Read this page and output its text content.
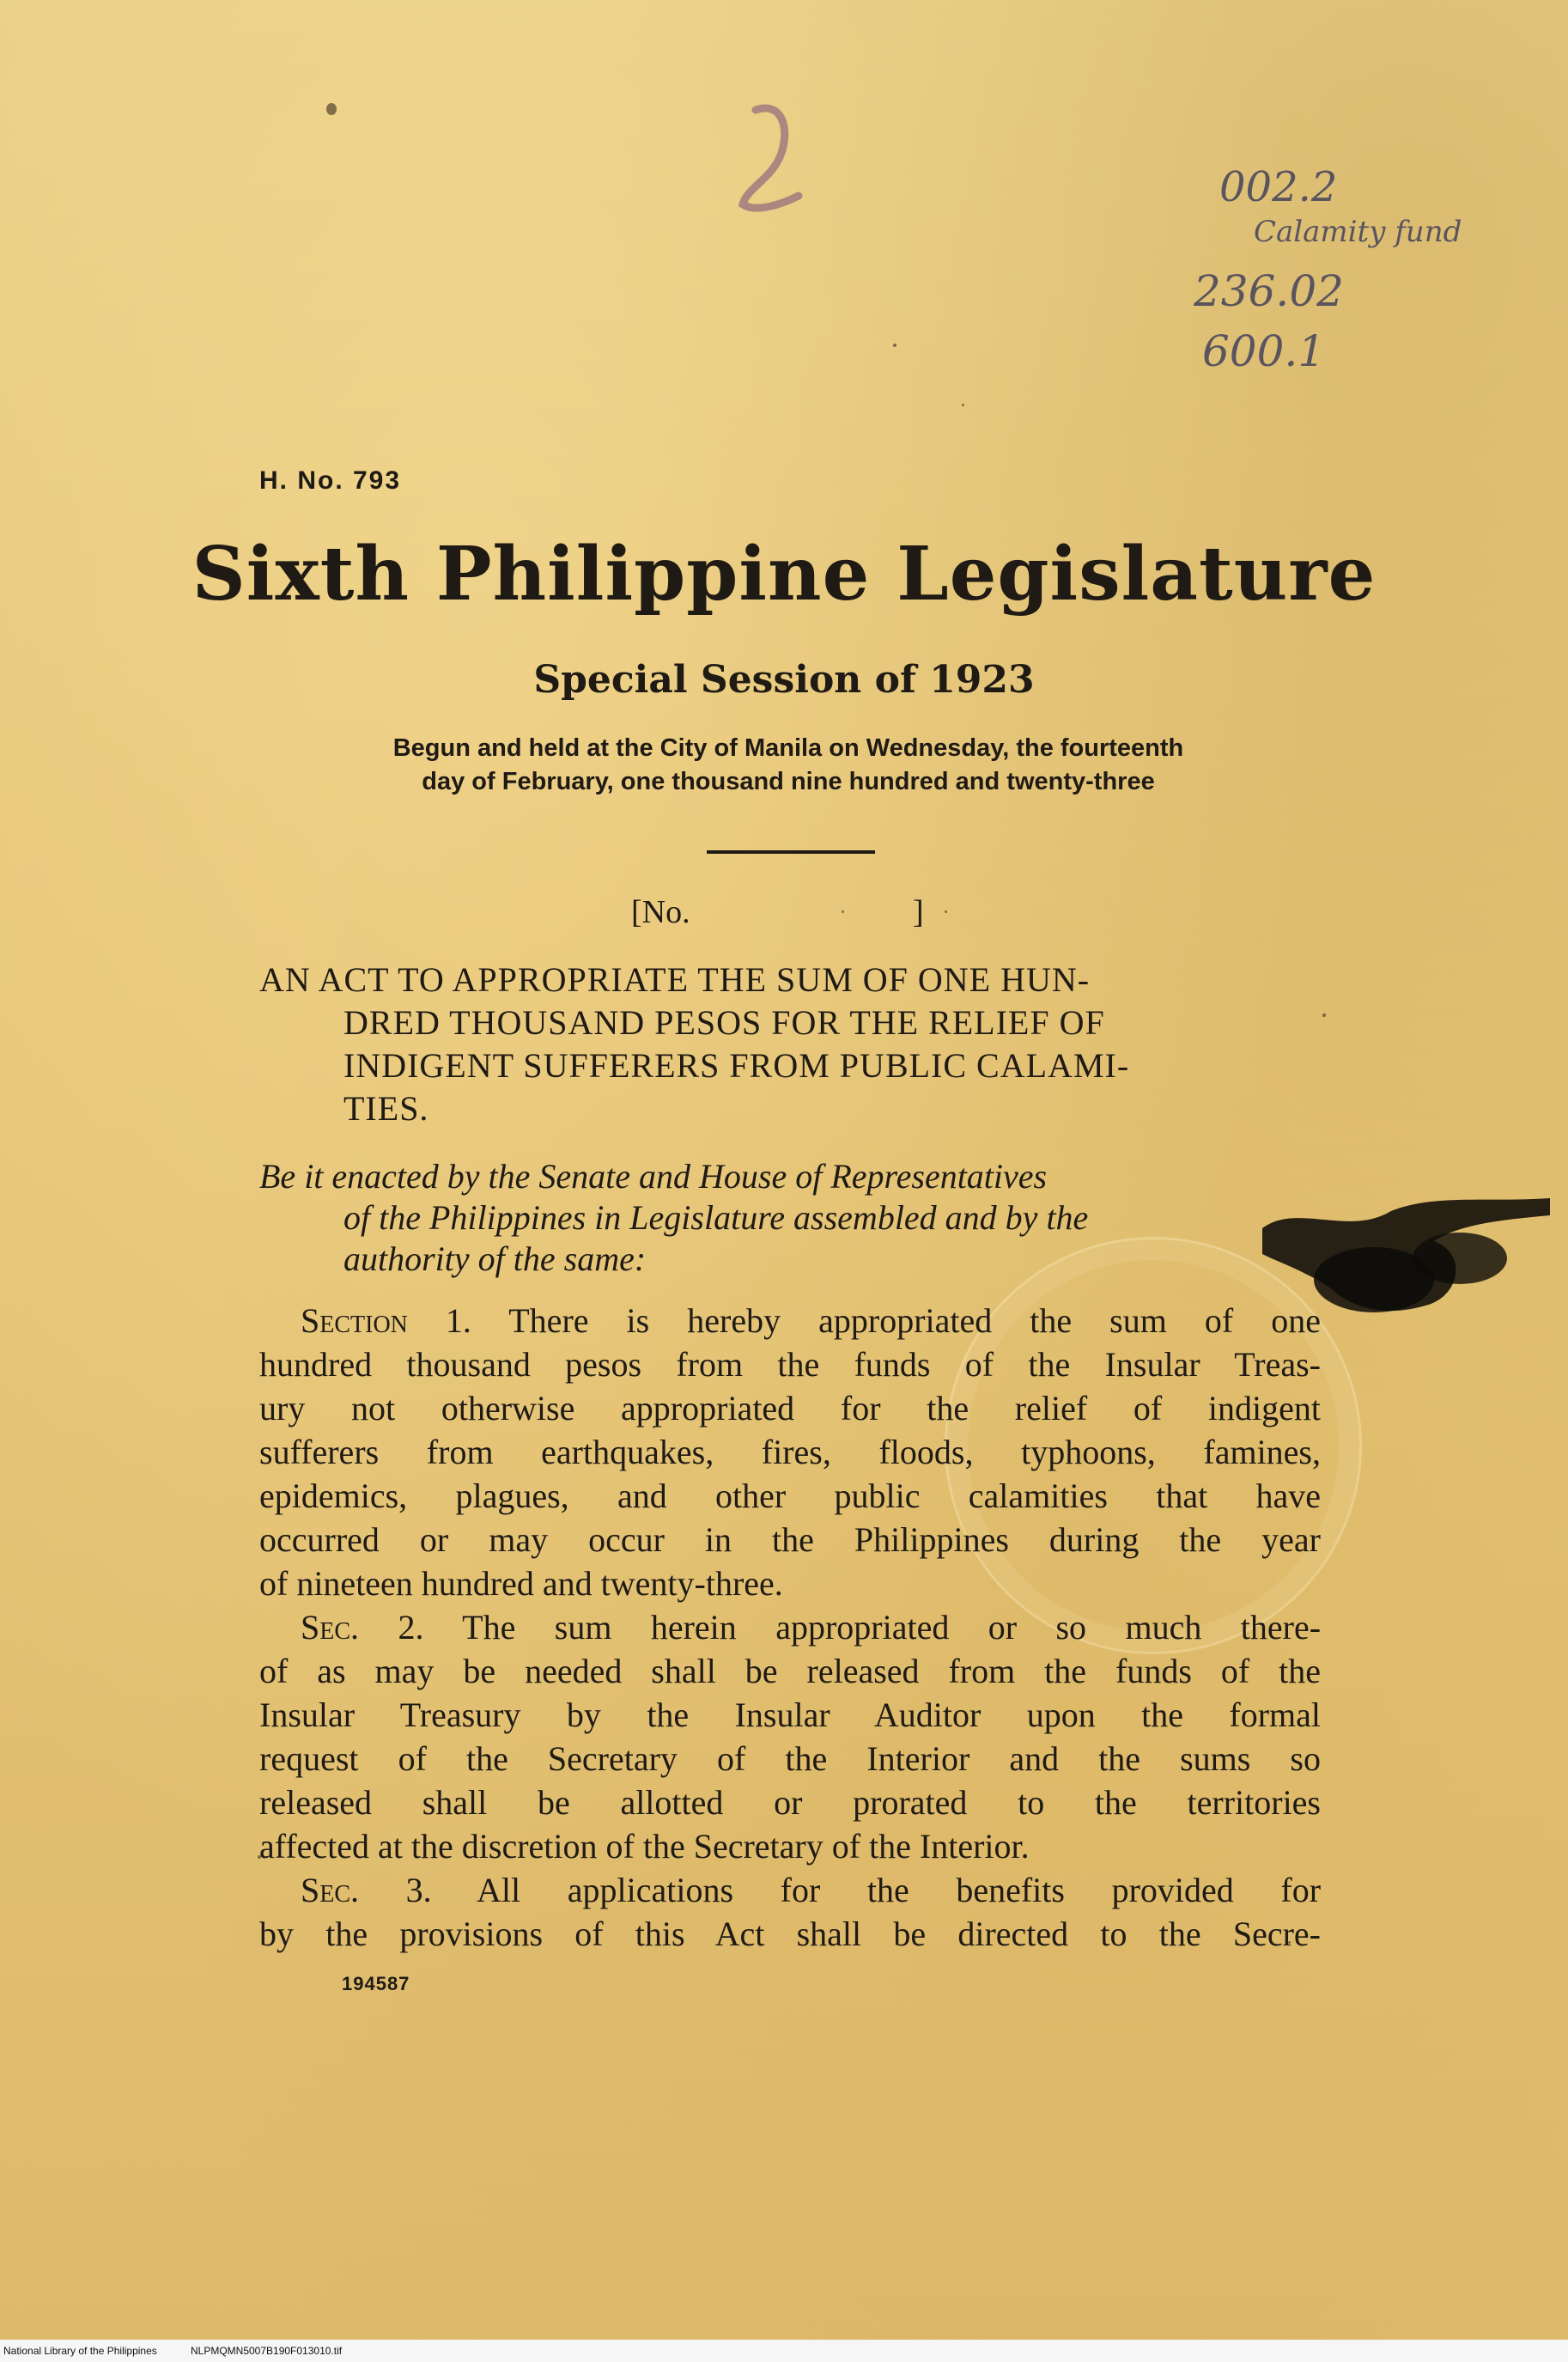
002.2
Calamity fund
236.02
600.1
H. No. 793
Sixth Philippine Legislature
Special Session of 1923
Begun and held at the City of Manila on Wednesday, the fourteenth
day of February, one thousand nine hundred and twenty-three
[No.	]
AN ACT TO APPROPRIATE THE SUM OF ONE HUN-
DRED THOUSAND PESOS FOR THE RELIEF OF
INDIGENT SUFFERERS FROM PUBLIC CALAMI-
TIES.
Be it enacted by the Senate and House of Representatives
of the Philippines in Legislature assembled and by the
authority of the same:
Section 1. There is hereby appropriated the sum of one
hundred thousand pesos from the funds of the Insular Treas-
ury not otherwise appropriated for the relief of indigent
sufferers from earthquakes, fires, floods, typhoons, famines,
epidemics, plagues, and other public calamities that have
occurred or may occur in the Philippines during the year
of nineteen hundred and twenty-three.
Sec. 2. The sum herein appropriated or so much there-
of as may be needed shall be released from the funds of the
Insular Treasury by the Insular Auditor upon the formal
request of the Secretary of the Interior and the sums so
released shall be allotted or prorated to the territories
affected at the discretion of the Secretary of the Interior.
Sec. 3. All applications for the benefits provided for
by the provisions of this Act shall be directed to the Secre-
194587
National Library of the Philippines	NLPMQMN5007B190F013010.tif
